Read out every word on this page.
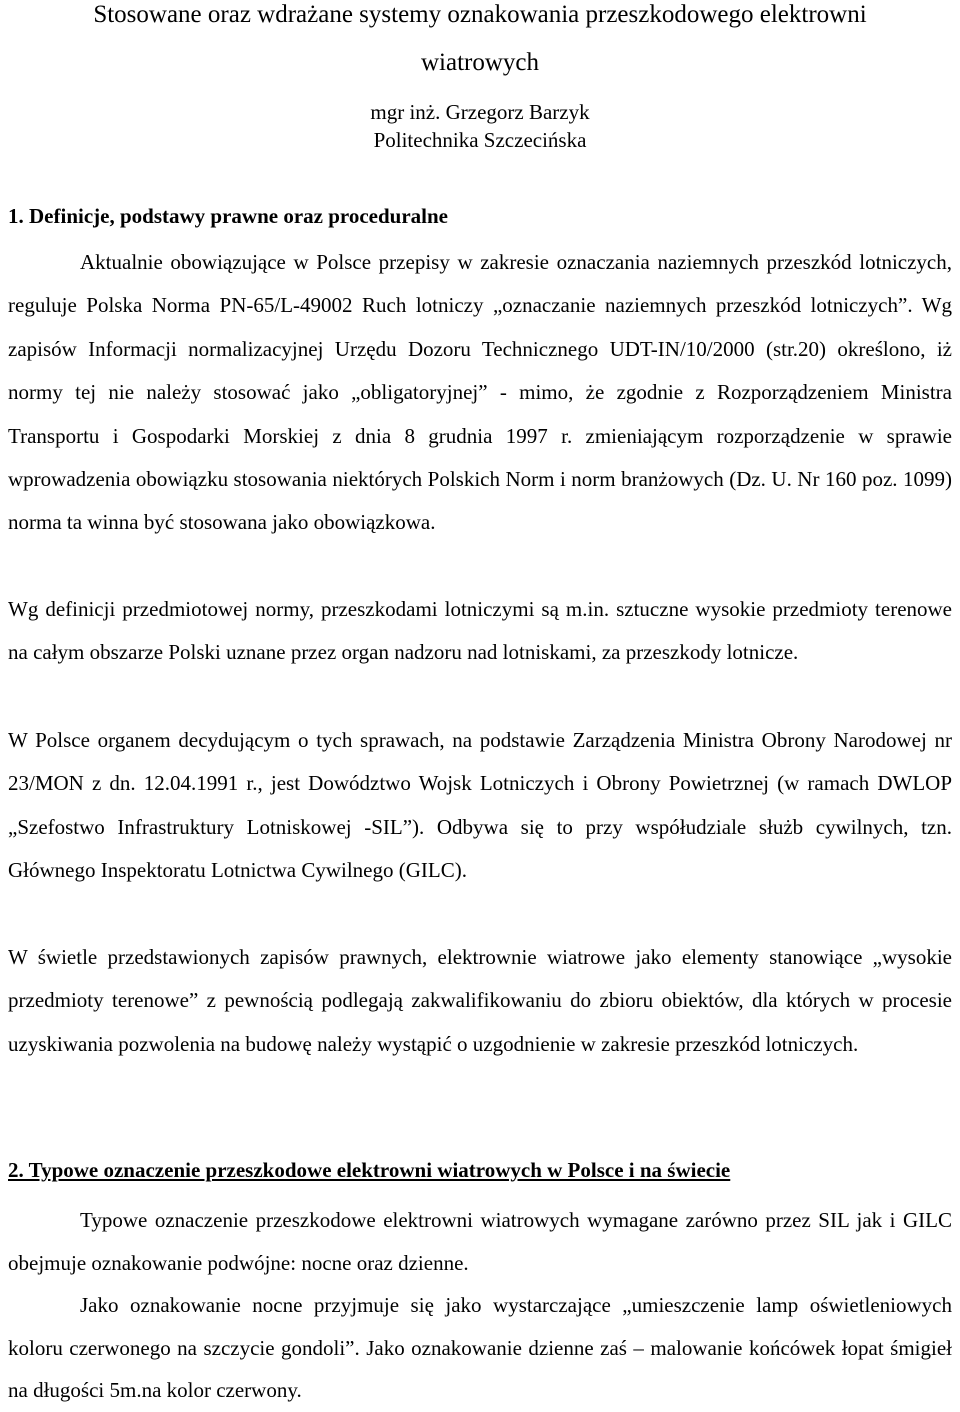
Stosowane oraz wdrażane systemy oznakowania przeszkodowego elektrowni
wiatrowych

mgr inż. Grzegorz Barzyk

Politechnika Szczecińska

1. Definicje, podstawy prawne oraz proceduralne

Aktualnie obowiązujące w Polsce przepisy w zakresie oznaczania naziemnych przeszkód lotniczych, reguluje Polska Norma PN-65/L-49002 Ruch lotniczy „oznaczanie naziemnych przeszkód lotniczych”. Wg zapisów Informacji normalizacyjnej Urzędu Dozoru Technicznego UDT-IN/10/2000 (str.20) określono, iż normy tej nie należy stosować jako „obligatoryjnej” - mimo, że zgodnie z Rozporządzeniem Ministra Transportu i Gospodarki Morskiej z dnia 8 grudnia 1997 r. zmieniającym rozporządzenie w sprawie wprowadzenia obowiązku stosowania niektórych Polskich Norm i norm branżowych (Dz. U. Nr 160 poz. 1099) norma ta winna być stosowana jako obowiązkowa.

Wg definicji przedmiotowej normy, przeszkodami lotniczymi są m.in. sztuczne wysokie przedmioty terenowe na całym obszarze Polski uznane przez organ nadzoru nad lotniskami, za przeszkody lotnicze.

W Polsce organem decydującym o tych sprawach, na podstawie Zarządzenia Ministra Obrony Narodowej nr 23/MON z dn. 12.04.1991 r., jest Dowództwo Wojsk Lotniczych i Obrony Powietrznej (w ramach DWLOP „Szefostwo Infrastruktury Lotniskowej -SIL”). Odbywa się to przy współudziale służb cywilnych, tzn. Głównego Inspektoratu Lotnictwa Cywilnego (GILC).

W świetle przedstawionych zapisów prawnych, elektrownie wiatrowe jako elementy stanowiące „wysokie przedmioty terenowe” z pewnością podlegają zakwalifikowaniu do zbioru obiektów, dla których w procesie uzyskiwania pozwolenia na budowę należy wystąpić o uzgodnienie w zakresie przeszkód lotniczych.

2. Typowe oznaczenie przeszkodowe elektrowni wiatrowych w Polsce i na świecie

Typowe oznaczenie przeszkodowe elektrowni wiatrowych wymagane zarówno przez SIL jak i GILC obejmuje oznakowanie podwójne: nocne oraz dzienne.

Jako oznakowanie nocne przyjmuje się jako wystarczające „umieszczenie lamp oświetleniowych koloru czerwonego na szczycie gondoli”. Jako oznakowanie dzienne zaś – malowanie końcówek łopat śmigieł na długości 5m.na kolor czerwony.
